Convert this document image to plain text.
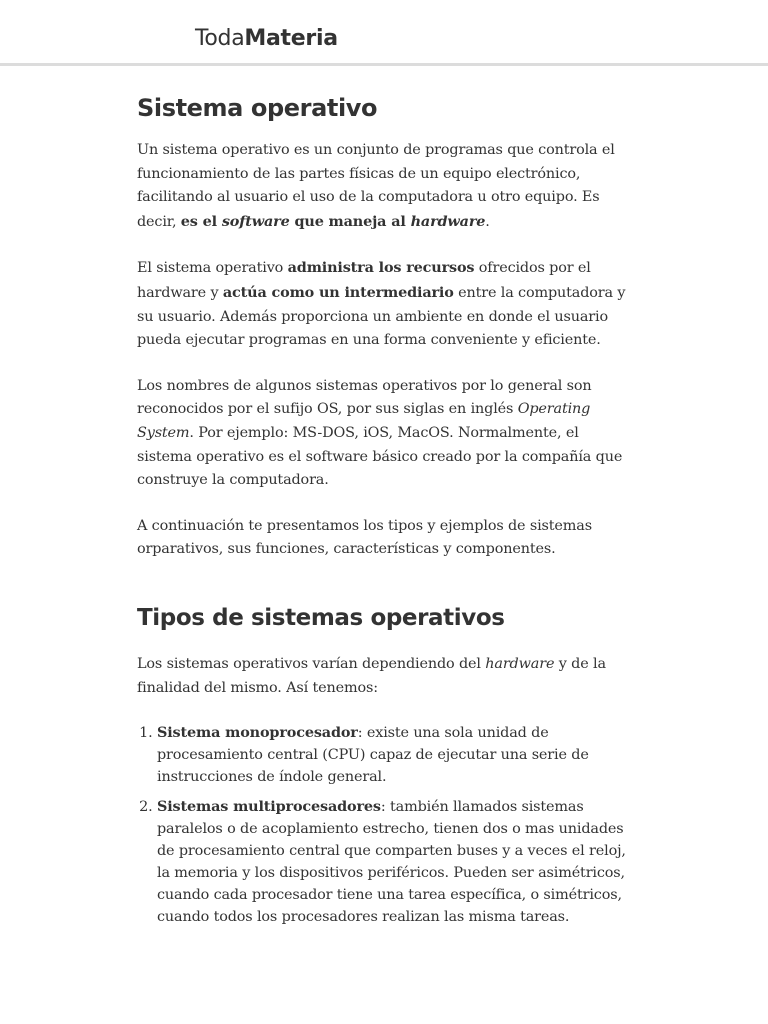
TodaMateria
Sistema operativo

Un sistema operativo es un conjunto de programas que controla el funcionamiento de las partes físicas de un equipo electrónico, facilitando al usuario el uso de la computadora u otro equipo. Es decir, es el software que maneja al hardware.

El sistema operativo administra los recursos ofrecidos por el hardware y actúa como un intermediario entre la computadora y su usuario. Además proporciona un ambiente en donde el usuario pueda ejecutar programas en una forma conveniente y eficiente.

Los nombres de algunos sistemas operativos por lo general son reconocidos por el sufijo OS, por sus siglas en inglés Operating System. Por ejemplo: MS-DOS, iOS, MacOS. Normalmente, el sistema operativo es el software básico creado por la compañía que construye la computadora.

A continuación te presentamos los tipos y ejemplos de sistemas orparativos, sus funciones, características y componentes.

Tipos de sistemas operativos

Los sistemas operativos varían dependiendo del hardware y de la finalidad del mismo. Así tenemos:

1. Sistema monoprocesador: existe una sola unidad de procesamiento central (CPU) capaz de ejecutar una serie de instrucciones de índole general.
2. Sistemas multiprocesadores: también llamados sistemas paralelos o de acoplamiento estrecho, tienen dos o mas unidades de procesamiento central que comparten buses y a veces el reloj, la memoria y los dispositivos periféricos. Pueden ser asimétricos, cuando cada procesador tiene una tarea específica, o simétricos, cuando todos los procesadores realizan las misma tareas.
